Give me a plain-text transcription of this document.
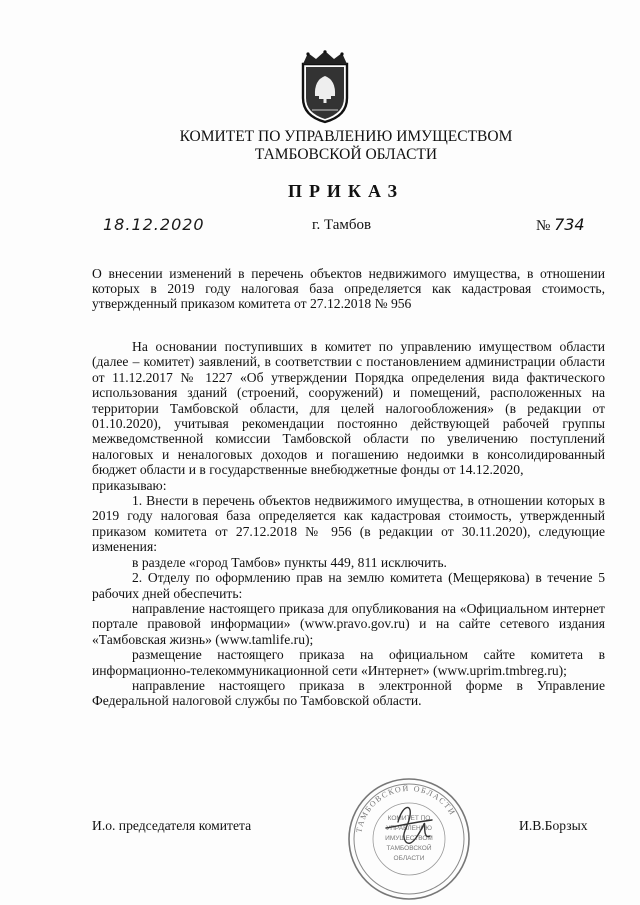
КОМИТЕТ ПО УПРАВЛЕНИЮ ИМУЩЕСТВОМ
ТАМБОВСКОЙ ОБЛАСТИ
ПРИКАЗ
18.12.2020	г. Тамбов	№ 734
О внесении изменений в перечень объектов недвижимого имущества, в отношении которых в 2019 году налоговая база определяется как кадастровая стоимость, утвержденный приказом комитета от 27.12.2018 № 956

На основании поступивших в комитет по управлению имуществом области (далее – комитет) заявлений, в соответствии с постановлением администрации области от 11.12.2017 № 1227 «Об утверждении Порядка определения вида фактического использования зданий (строений, сооружений) и помещений, расположенных на территории Тамбовской области, для целей налогообложения» (в редакции от 01.10.2020), учитывая рекомендации постоянно действующей рабочей группы межведомственной комиссии Тамбовской области по увеличению поступлений налоговых и неналоговых доходов и погашению недоимки в консолидированный бюджет области и в государственные внебюджетные фонды от 14.12.2020,

приказываю:

1. Внести в перечень объектов недвижимого имущества, в отношении которых в 2019 году налоговая база определяется как кадастровая стоимость, утвержденный приказом комитета от 27.12.2018 № 956 (в редакции от 30.11.2020), следующие изменения:

в разделе «город Тамбов» пункты 449, 811 исключить.

2. Отделу по оформлению прав на землю комитета (Мещерякова) в течение 5 рабочих дней обеспечить:

направление настоящего приказа для опубликования на «Официальном интернет портале правовой информации» (www.pravo.gov.ru) и на сайте сетевого издания «Тамбовская жизнь» (www.tamlife.ru);

размещение настоящего приказа на официальном сайте комитета в информационно-телекоммуникационной сети «Интернет» (www.uprim.tmbreg.ru);

направление настоящего приказа в электронной форме в Управление Федеральной налоговой службы по Тамбовской области.

И.о. председателя комитета	И.В.Борзых
ТАМБОВСКОЙ ОБЛАСТИ
КОМИТЕТ ПО
УПРАВЛЕНИЮ
ИМУЩЕСТВОМ
ТАМБОВСКОЙ
ОБЛАСТИ
